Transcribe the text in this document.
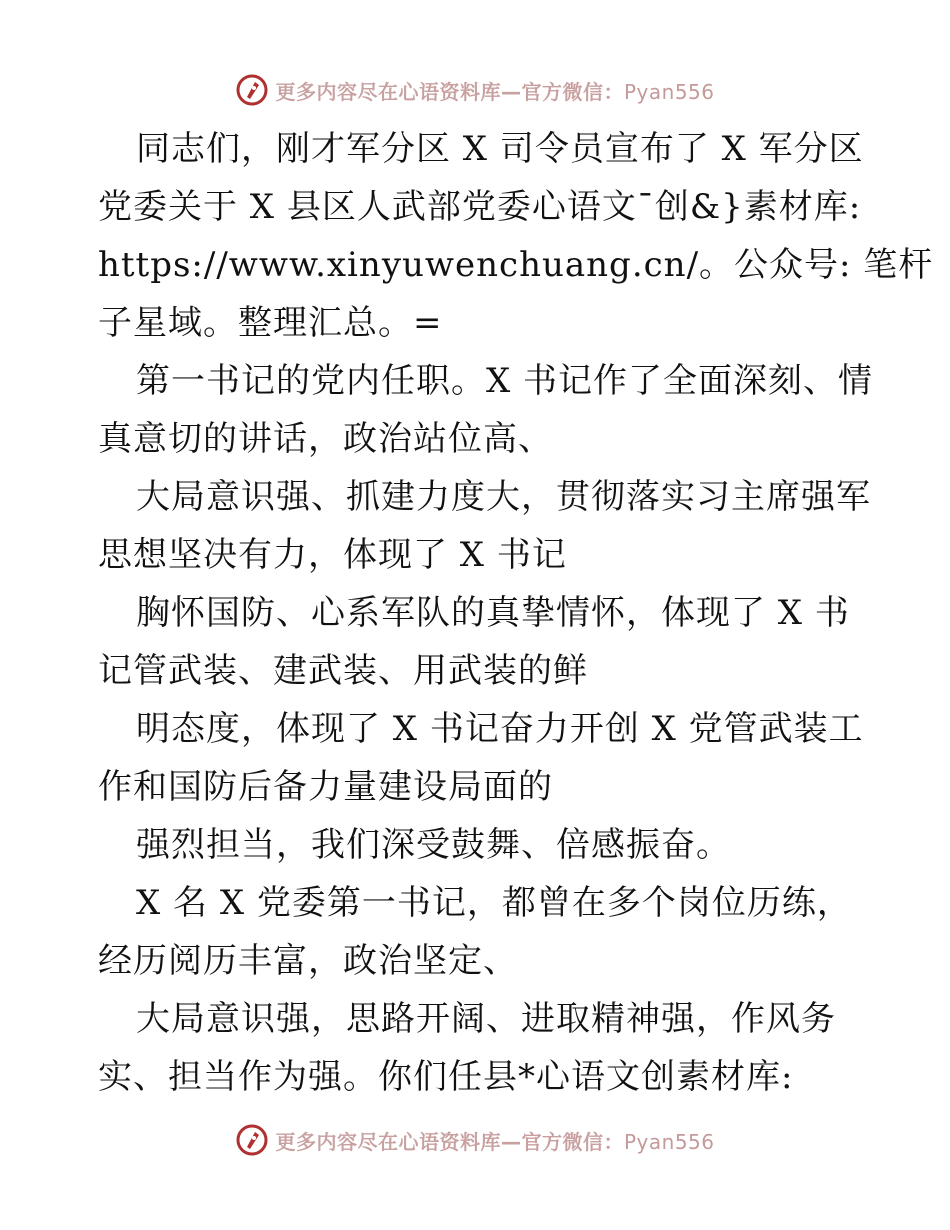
更多内容尽在心语资料库—官方微信：Pyan556
同志们，刚才军分区 X 司令员宣布了 X 军分区
党委关于 X 县区人武部党委心语文¯创&}素材库:
https://www.xinyuwenchuang.cn/。公众号: 笔杆
子星域。整理汇总。=
第一书记的党内任职。X 书记作了全面深刻、情
真意切的讲话，政治站位高、
大局意识强、抓建力度大，贯彻落实习主席强军
思想坚决有力，体现了 X 书记
胸怀国防、心系军队的真挚情怀，体现了 X 书
记管武装、建武装、用武装的鲜
明态度，体现了 X 书记奋力开创 X 党管武装工
作和国防后备力量建设局面的
强烈担当，我们深受鼓舞、倍感振奋。
X 名 X 党委第一书记，都曾在多个岗位历练，
经历阅历丰富，政治坚定、
大局意识强，思路开阔、进取精神强，作风务
实、担当作为强。你们任县*心语文创素材库:
更多内容尽在心语资料库—官方微信：Pyan556
